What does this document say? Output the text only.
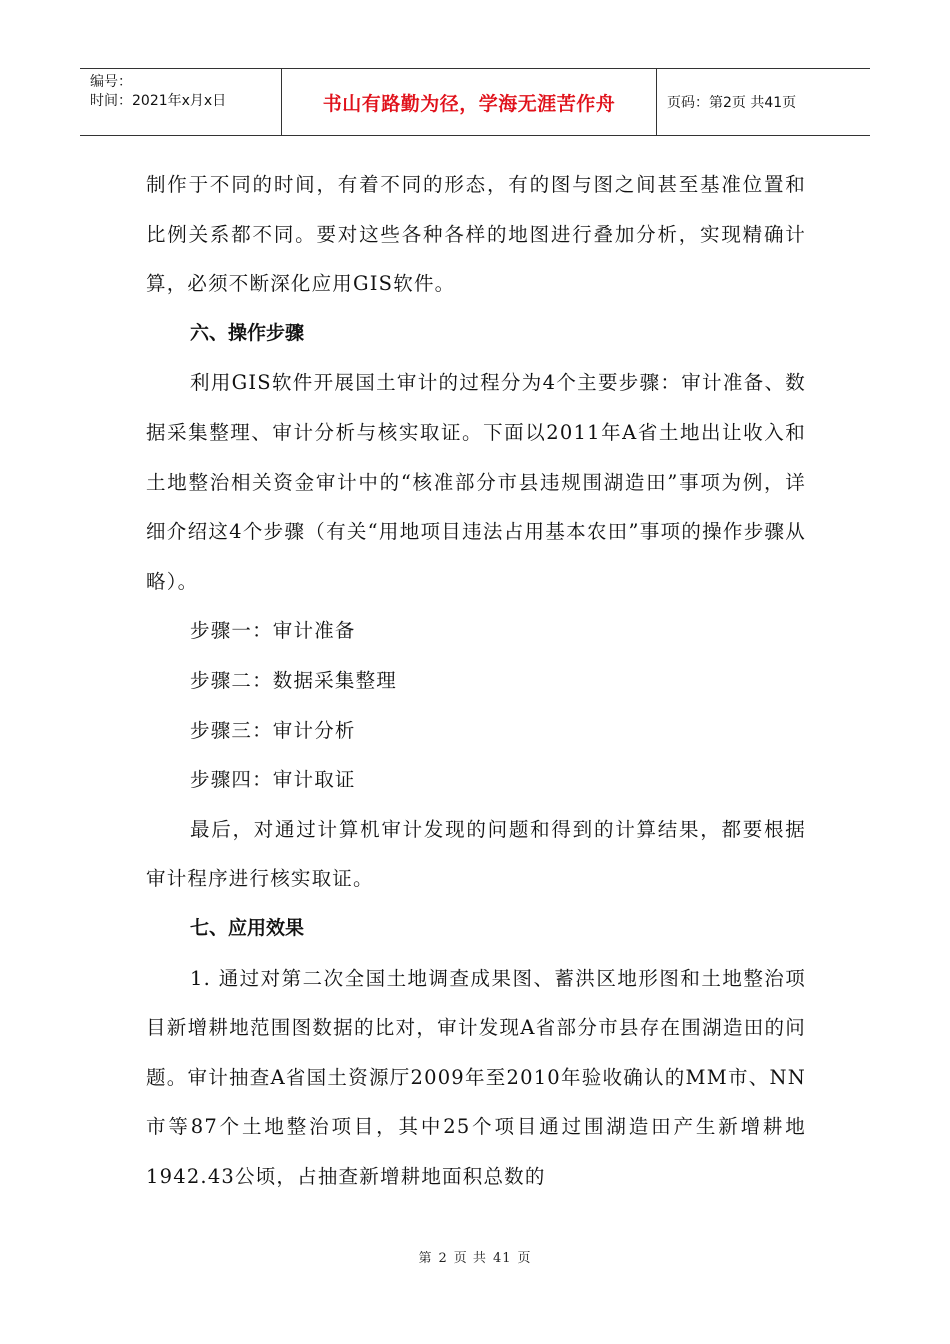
编号：
时间：2021年x月x日	书山有路勤为径，学海无涯苦作舟	页码：第2页 共41页

制作于不同的时间，有着不同的形态，有的图与图之间甚至基准位置和比例关系都不同。要对这些各种各样的地图进行叠加分析，实现精确计算，必须不断深化应用GIS软件。

六、操作步骤

利用GIS软件开展国土审计的过程分为4个主要步骤：审计准备、数据采集整理、审计分析与核实取证。下面以2011年A省土地出让收入和土地整治相关资金审计中的“核准部分市县违规围湖造田”事项为例，详细介绍这4个步骤（有关“用地项目违法占用基本农田”事项的操作步骤从略）。

步骤一：审计准备

步骤二：数据采集整理

步骤三：审计分析

步骤四：审计取证

最后，对通过计算机审计发现的问题和得到的计算结果，都要根据审计程序进行核实取证。

七、应用效果

1. 通过对第二次全国土地调查成果图、蓄洪区地形图和土地整治项目新增耕地范围图数据的比对，审计发现A省部分市县存在围湖造田的问题。审计抽查A省国土资源厅2009年至2010年验收确认的MM市、NN市等87个土地整治项目，其中25个项目通过围湖造田产生新增耕地1942.43公顷，占抽查新增耕地面积总数的

第 2 页 共 41 页
